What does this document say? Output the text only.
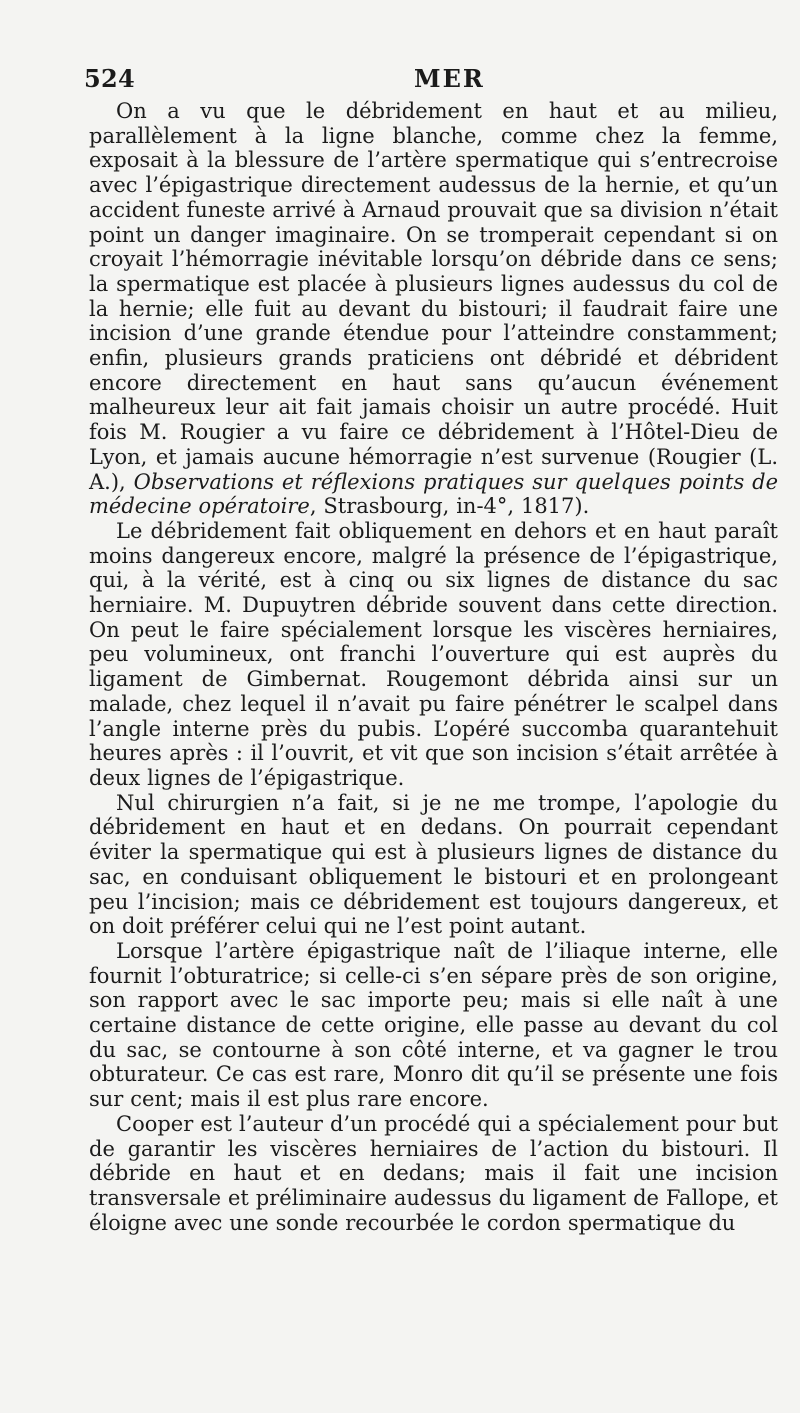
524	MER

On a vu que le débridement en haut et au milieu, parallèlement à la ligne blanche, comme chez la femme, exposait à la blessure de l’artère spermatique qui s’entrecroise avec l’épigastrique directement audessus de la hernie, et qu’un accident funeste arrivé à Arnaud prouvait que sa division n’était point un danger imaginaire. On se tromperait cependant si on croyait l’hémorragie inévitable lorsqu’on débride dans ce sens; la spermatique est placée à plusieurs lignes audessus du col de la hernie; elle fuit au devant du bistouri; il faudrait faire une incision d’une grande étendue pour l’atteindre constamment; enfin, plusieurs grands praticiens ont débridé et débrident encore directement en haut sans qu’aucun événement malheureux leur ait fait jamais choisir un autre procédé. Huit fois M. Rougier a vu faire ce débridement à l’Hôtel-Dieu de Lyon, et jamais aucune hémorragie n’est survenue (Rougier (L. A.), Observations et réflexions pratiques sur quelques points de médecine opératoire, Strasbourg, in-4°, 1817).

Le débridement fait obliquement en dehors et en haut paraît moins dangereux encore, malgré la présence de l’épigastrique, qui, à la vérité, est à cinq ou six lignes de distance du sac herniaire. M. Dupuytren débride souvent dans cette direction. On peut le faire spécialement lorsque les viscères herniaires, peu volumineux, ont franchi l’ouverture qui est auprès du ligament de Gimbernat. Rougemont débrida ainsi sur un malade, chez lequel il n’avait pu faire pénétrer le scalpel dans l’angle interne près du pubis. L’opéré succomba quarantehuit heures après : il l’ouvrit, et vit que son incision s’était arrêtée à deux lignes de l’épigastrique.

Nul chirurgien n’a fait, si je ne me trompe, l’apologie du débridement en haut et en dedans. On pourrait cependant éviter la spermatique qui est à plusieurs lignes de distance du sac, en conduisant obliquement le bistouri et en prolongeant peu l’incision; mais ce débridement est toujours dangereux, et on doit préférer celui qui ne l’est point autant.

Lorsque l’artère épigastrique naît de l’iliaque interne, elle fournit l’obturatrice; si celle-ci s’en sépare près de son origine, son rapport avec le sac importe peu; mais si elle naît à une certaine distance de cette origine, elle passe au devant du col du sac, se contourne à son côté interne, et va gagner le trou obturateur. Ce cas est rare, Monro dit qu’il se présente une fois sur cent; mais il est plus rare encore.

Cooper est l’auteur d’un procédé qui a spécialement pour but de garantir les viscères herniaires de l’action du bistouri. Il débride en haut et en dedans; mais il fait une incision transversale et préliminaire audessus du ligament de Fallope, et éloigne avec une sonde recourbée le cordon spermatique du
